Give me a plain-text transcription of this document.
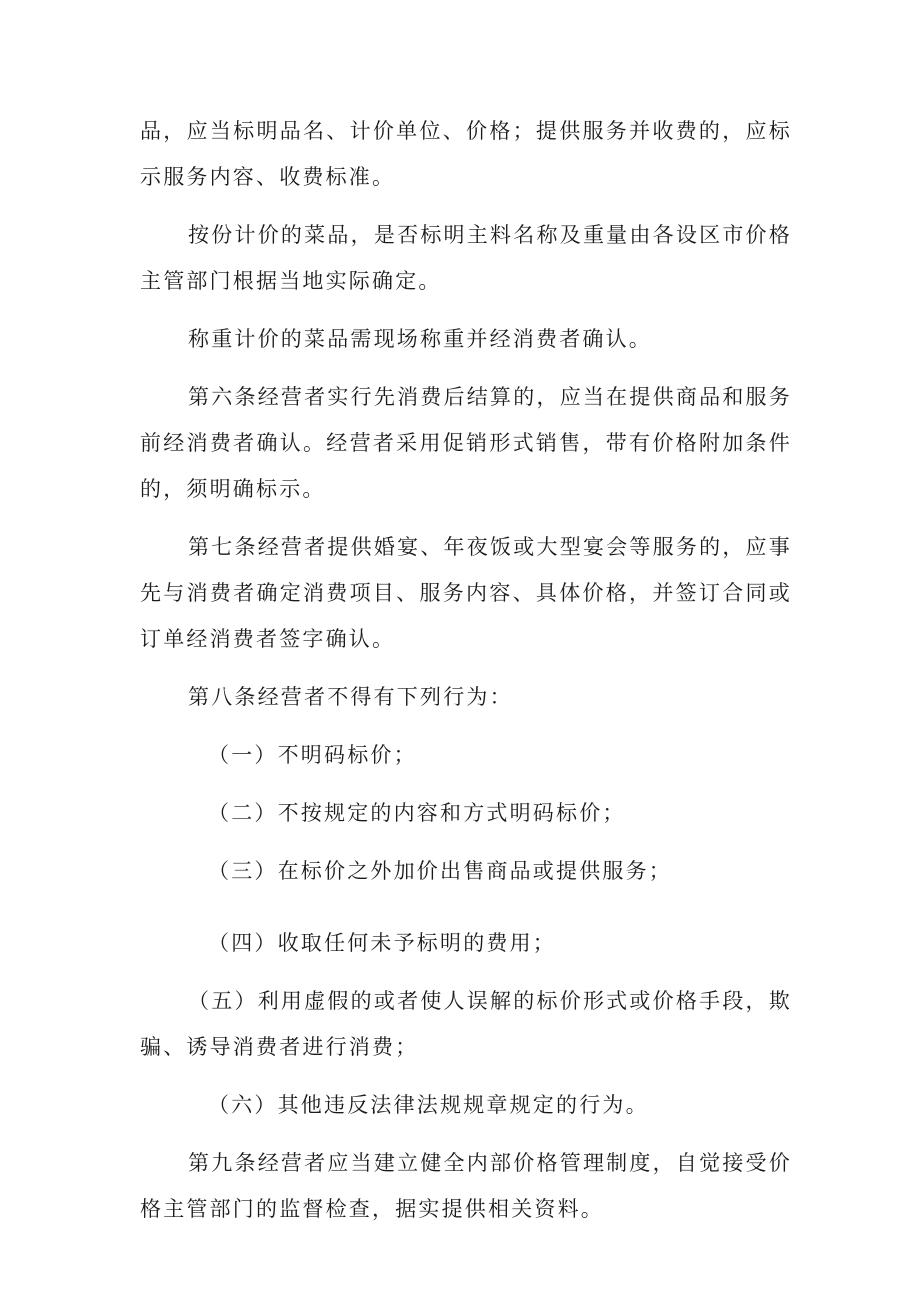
品，应当标明品名、计价单位、价格；提供服务并收费的，应标示服务内容、收费标准。

按份计价的菜品，是否标明主料名称及重量由各设区市价格主管部门根据当地实际确定。

称重计价的菜品需现场称重并经消费者确认。

第六条经营者实行先消费后结算的，应当在提供商品和服务前经消费者确认。经营者采用促销形式销售，带有价格附加条件的，须明确标示。

第七条经营者提供婚宴、年夜饭或大型宴会等服务的，应事先与消费者确定消费项目、服务内容、具体价格，并签订合同或订单经消费者签字确认。

第八条经营者不得有下列行为：

（一）不明码标价；

（二）不按规定的内容和方式明码标价；

（三）在标价之外加价出售商品或提供服务；

（四）收取任何未予标明的费用；

（五）利用虚假的或者使人误解的标价形式或价格手段，欺骗、诱导消费者进行消费；

（六）其他违反法律法规规章规定的行为。

第九条经营者应当建立健全内部价格管理制度，自觉接受价格主管部门的监督检查，据实提供相关资料。
